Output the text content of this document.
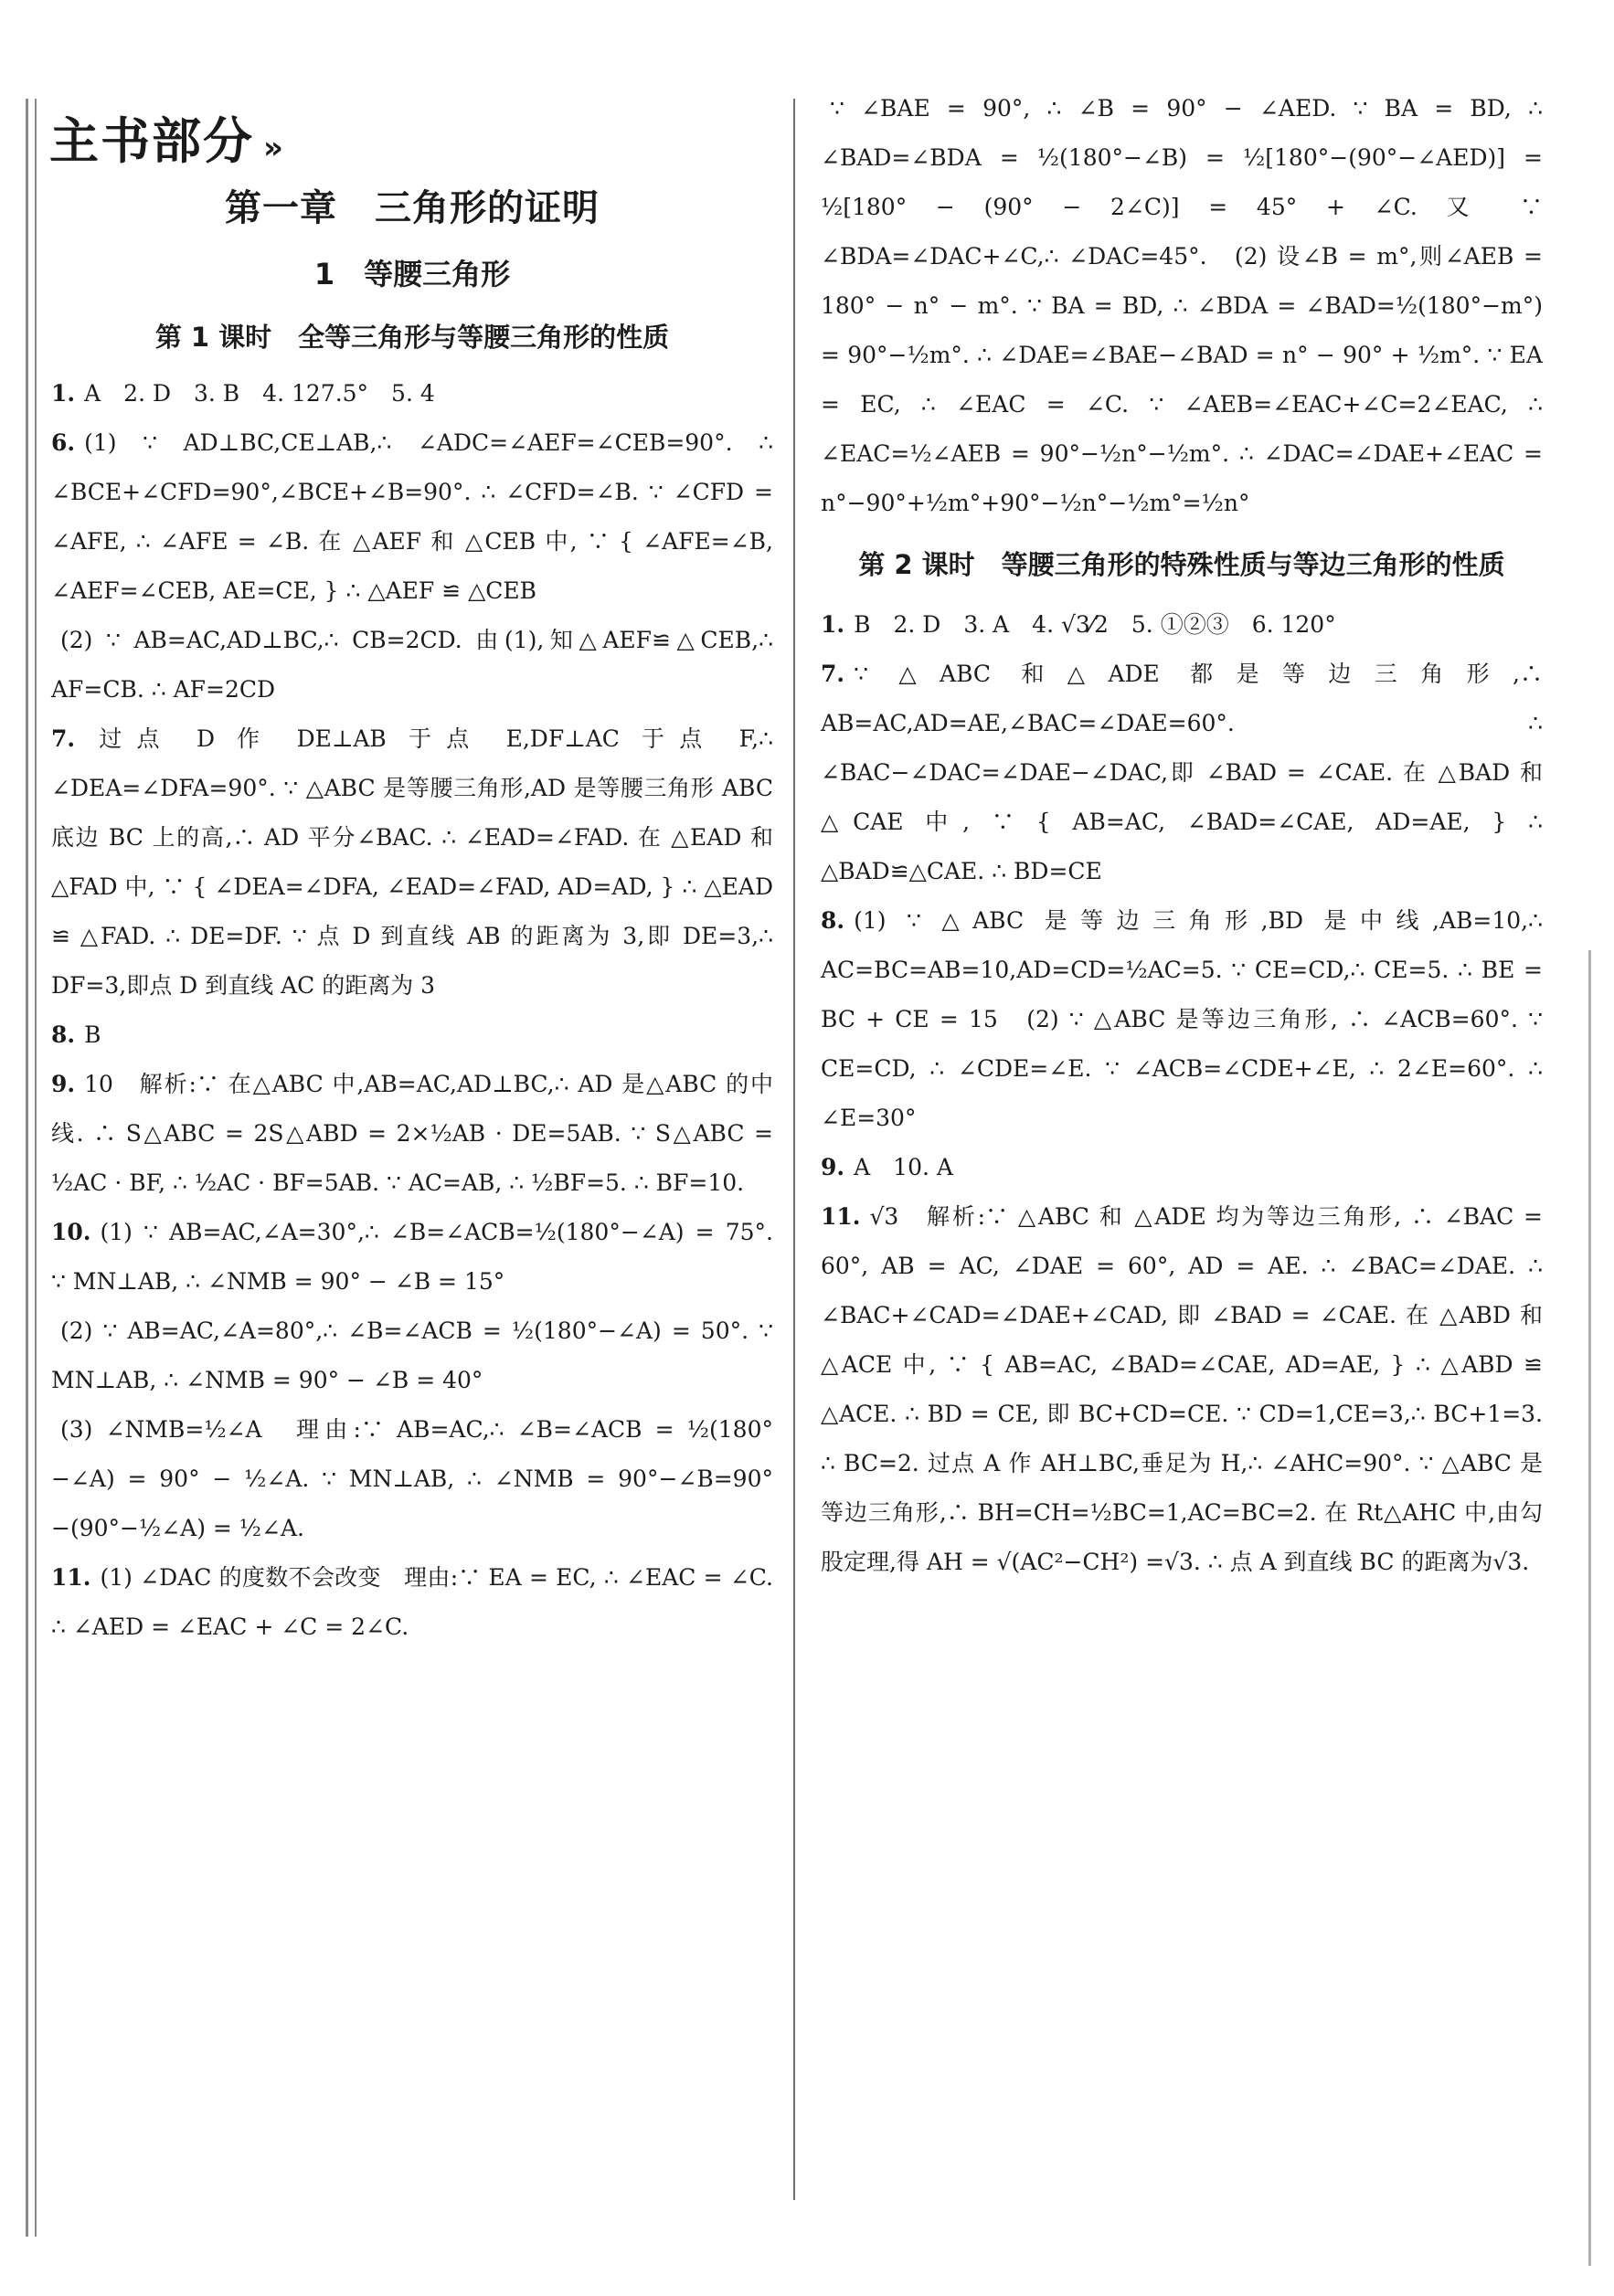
主书部分 »
第一章　三角形的证明
1　等腰三角形
第 1 课时　全等三角形与等腰三角形的性质

1. A　2. D　3. B　4. 127.5°　5. 4

6. (1) ∵ AD⊥BC,CE⊥AB,∴ ∠ADC=∠AEF=∠CEB=90°. ∴ ∠BCE+∠CFD=90°,∠BCE+∠B=90°. ∴ ∠CFD=∠B. ∵ ∠CFD = ∠AFE, ∴ ∠AFE = ∠B. 在 △AEF 和 △CEB 中, ∵ { ∠AFE=∠B, ∠AEF=∠CEB, AE=CE, } ∴ △AEF ≌ △CEB

(2) ∵ AB=AC,AD⊥BC,∴ CB=2CD. 由(1),知△AEF≌△CEB,∴ AF=CB. ∴ AF=2CD

7. 过点 D 作 DE⊥AB 于点 E,DF⊥AC 于点 F,∴ ∠DEA=∠DFA=90°. ∵ △ABC 是等腰三角形,AD 是等腰三角形 ABC 底边 BC 上的高,∴ AD 平分∠BAC. ∴ ∠EAD=∠FAD. 在 △EAD 和 △FAD 中, ∵ { ∠DEA=∠DFA, ∠EAD=∠FAD, AD=AD, } ∴ △EAD ≌ △FAD. ∴ DE=DF. ∵ 点 D 到直线 AB 的距离为 3,即 DE=3,∴ DF=3,即点 D 到直线 AC 的距离为 3

8. B

9. 10　解析:∵ 在△ABC 中,AB=AC,AD⊥BC,∴ AD 是△ABC 的中线. ∴ S△ABC = 2S△ABD = 2×½AB · DE=5AB. ∵ S△ABC = ½AC · BF, ∴ ½AC · BF=5AB. ∵ AC=AB, ∴ ½BF=5. ∴ BF=10.

10. (1) ∵ AB=AC,∠A=30°,∴ ∠B=∠ACB=½(180°−∠A) = 75°. ∵ MN⊥AB, ∴ ∠NMB = 90° − ∠B = 15°

(2) ∵ AB=AC,∠A=80°,∴ ∠B=∠ACB = ½(180°−∠A) = 50°. ∵ MN⊥AB, ∴ ∠NMB = 90° − ∠B = 40°

(3) ∠NMB=½∠A　理由:∵ AB=AC,∴ ∠B=∠ACB = ½(180°−∠A) = 90° − ½∠A. ∵ MN⊥AB, ∴ ∠NMB = 90°−∠B=90°−(90°−½∠A) = ½∠A.

11. (1) ∠DAC 的度数不会改变　理由:∵ EA = EC, ∴ ∠EAC = ∠C. ∴ ∠AED = ∠EAC + ∠C = 2∠C.

∵ ∠BAE = 90°, ∴ ∠B = 90° − ∠AED. ∵ BA = BD, ∴ ∠BAD=∠BDA = ½(180°−∠B) = ½[180°−(90°−∠AED)] = ½[180° − (90° − 2∠C)] = 45° + ∠C. 又 ∵ ∠BDA=∠DAC+∠C,∴ ∠DAC=45°.　(2) 设∠B = m°,则∠AEB = 180° − n° − m°. ∵ BA = BD, ∴ ∠BDA = ∠BAD=½(180°−m°) = 90°−½m°. ∴ ∠DAE=∠BAE−∠BAD = n° − 90° + ½m°. ∵ EA = EC, ∴ ∠EAC = ∠C. ∵ ∠AEB=∠EAC+∠C=2∠EAC, ∴ ∠EAC=½∠AEB = 90°−½n°−½m°. ∴ ∠DAC=∠DAE+∠EAC = n°−90°+½m°+90°−½n°−½m°=½n°

第 2 课时　等腰三角形的特殊性质与等边三角形的性质

1. B　2. D　3. A　4. √3⁄2　5. ①②③　6. 120°

7. ∵ △ABC 和△ADE 都是等边三角形,∴ AB=AC,AD=AE,∠BAC=∠DAE=60°. ∴ ∠BAC−∠DAC=∠DAE−∠DAC,即 ∠BAD = ∠CAE. 在 △BAD 和 △CAE 中, ∵ { AB=AC, ∠BAD=∠CAE, AD=AE, } ∴ △BAD≌△CAE. ∴ BD=CE

8. (1) ∵ △ABC 是等边三角形,BD 是中线,AB=10,∴ AC=BC=AB=10,AD=CD=½AC=5. ∵ CE=CD,∴ CE=5. ∴ BE = BC + CE = 15　(2) ∵ △ABC 是等边三角形, ∴ ∠ACB=60°. ∵ CE=CD, ∴ ∠CDE=∠E. ∵ ∠ACB=∠CDE+∠E, ∴ 2∠E=60°. ∴ ∠E=30°

9. A　10. A

11. √3　解析:∵ △ABC 和 △ADE 均为等边三角形, ∴ ∠BAC = 60°, AB = AC, ∠DAE = 60°, AD = AE. ∴ ∠BAC=∠DAE. ∴ ∠BAC+∠CAD=∠DAE+∠CAD, 即 ∠BAD = ∠CAE. 在 △ABD 和 △ACE 中, ∵ { AB=AC, ∠BAD=∠CAE, AD=AE, } ∴ △ABD ≌ △ACE. ∴ BD = CE, 即 BC+CD=CE. ∵ CD=1,CE=3,∴ BC+1=3. ∴ BC=2. 过点 A 作 AH⊥BC,垂足为 H,∴ ∠AHC=90°. ∵ △ABC 是等边三角形,∴ BH=CH=½BC=1,AC=BC=2. 在 Rt△AHC 中,由勾股定理,得 AH = √(AC²−CH²) =√3. ∴ 点 A 到直线 BC 的距离为√3.
